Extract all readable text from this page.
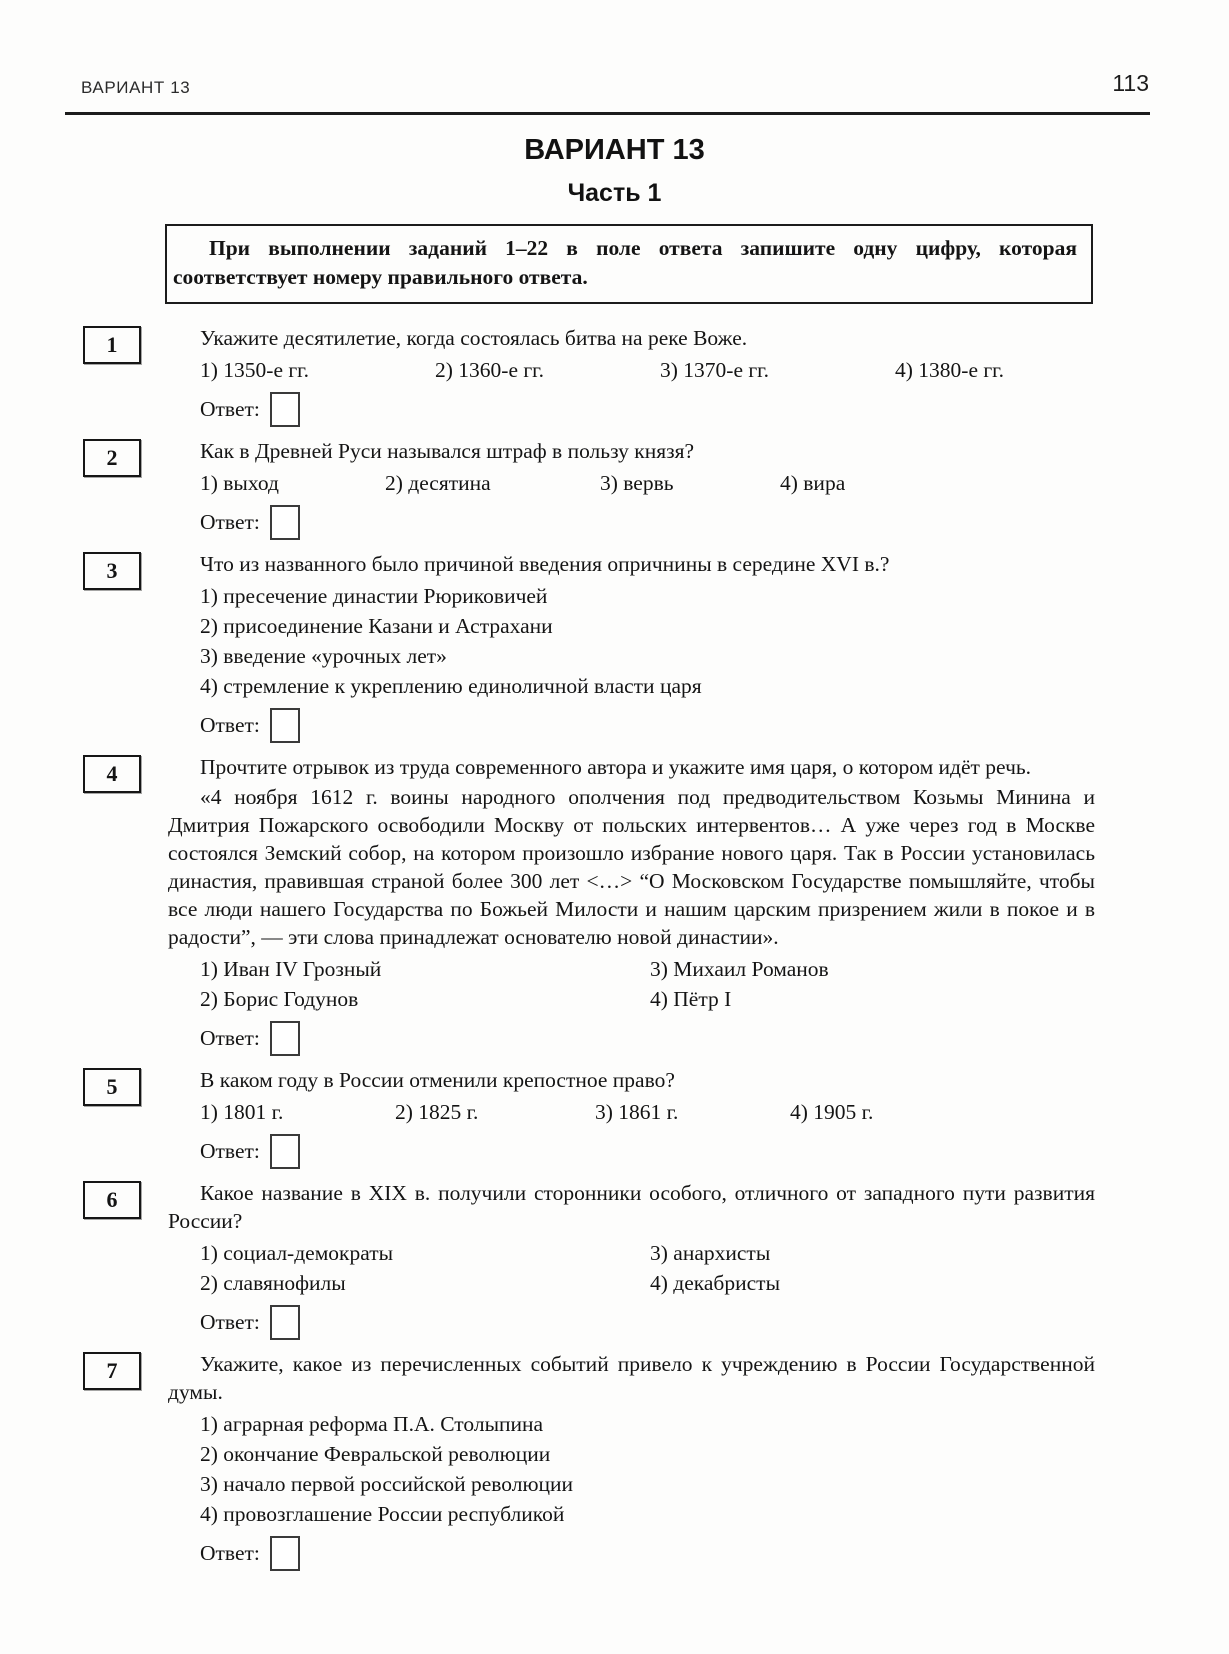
ВАРИАНТ 13	113
ВАРИАНТ 13
Часть 1
При выполнении заданий 1–22 в поле ответа запишите одну цифру, которая соответствует номеру правильного ответа.
1	Укажите десятилетие, когда состоялась битва на реке Воже.

1) 1350-е гг.	2) 1360-е гг.	3) 1370-е гг.	4) 1380-е гг.
Ответ:
2	Как в Древней Руси назывался штраф в пользу князя?

1) выход	2) десятина	3) вервь	4) вира
Ответ:
3	Что из названного было причиной введения опричнины в середине XVI в.?

1) пресечение династии Рюриковичей
2) присоединение Казани и Астрахани
3) введение «урочных лет»
4) стремление к укреплению единоличной власти царя
Ответ:
4	Прочтите отрывок из труда современного автора и укажите имя царя, о котором идёт речь.

«4 ноября 1612 г. воины народного ополчения под предводительством Козьмы Минина и Дмитрия Пожарского освободили Москву от польских интервентов… А уже через год в Москве состоялся Земский собор, на котором произошло избрание нового царя. Так в России установилась династия, правившая страной более 300 лет <…> “О Московском Государстве помышляйте, чтобы все люди нашего Государства по Божьей Милости и нашим царским призрением жили в покое и в радости”, — эти слова принадлежат основателю новой династии».

1) Иван IV Грозный	3) Михаил Романов
2) Борис Годунов	4) Пётр I
Ответ:
5	В каком году в России отменили крепостное право?

1) 1801 г.	2) 1825 г.	3) 1861 г.	4) 1905 г.
Ответ:
6	Какое название в XIX в. получили сторонники особого, отличного от западного пути развития России?

1) социал-демократы	3) анархисты
2) славянофилы	4) декабристы
Ответ:
7	Укажите, какое из перечисленных событий привело к учреждению в России Государственной думы.

1) аграрная реформа П.А. Столыпина
2) окончание Февральской революции
3) начало первой российской революции
4) провозглашение России республикой
Ответ:
